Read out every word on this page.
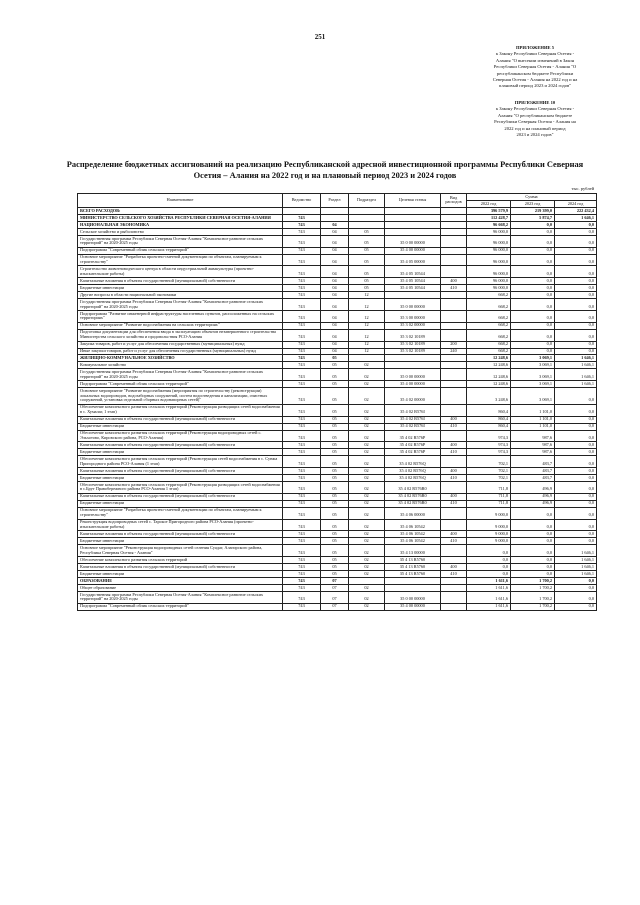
251
ПРИЛОЖЕНИЕ 5
к Закону Республики Северная Осетия -
Алания "О внесении изменений в Закон
Республики Северная Осетия - Алания "О
республиканском бюджете Республики
Северная Осетия - Алания на 2022 год и на
плановый период 2023 и 2024 годов"
ПРИЛОЖЕНИЕ 10
к Закону Республики Северная Осетия -
Алания "О республиканском бюджете
Республики Северная Осетия - Алания на
2022 год и на плановый период
2023 и 2024 годов"
Распределение бюджетных ассигнований на реализацию Республиканской адресной инвестиционной программы Республики Северная Осетия – Алания на 2022 год и на плановый период 2023 и 2024 годов
тыс. рублей
Наименование	Ведомство	Раздел	Подраздел	Целевая статья	Вид расходов	Сумма		
						2022 год	2023 год	2024 год
ВСЕГО РАСХОДОВ:						396 579,9	219 399,0	222 432,4
МИНИСТЕРСТВО СЕЛЬСКОГО ХОЗЯЙСТВА РЕСПУБЛИКИ СЕВЕРНАЯ ОСЕТИЯ-АЛАНИЯ	743					112 428,7	5 874,7	1 646,1
НАЦИОНАЛЬНАЯ ЭКОНОМИКА	743	04				96 668,2	0,0	0,0
Сельское хозяйство и рыболовство	743	04	05			96 000,0	0,0	0,0
Государственная программа Республики Северная Осетия-Алания "Комплексное развитие сельских территорий" на 2020-2025 годы	743	04	05	35 0 00 00000		96 000,0	0,0	0,0
Подпрограмма "Современный облик сельских территорий"	743	04	05	35 4 00 00000		96 000,0	0,0	0,0
Основное мероприятие "Разработка проектно-сметной документации по объектам, планируемым к строительству"	743	04	05	35 4 05 00000		96 000,0	0,0	0,0
Строительство животноводческого центра в области индустриальной аквакультуры (проектно-изыскательские работы)	743	04	05	35 4 05 10544		96 000,0	0,0	0,0
Капитальные вложения в объекты государственной (муниципальной) собственности	743	04	05	35 4 05 10544	400	96 000,0	0,0	0,0
Бюджетные инвестиции	743	04	05	35 4 05 10544	410	96 000,0	0,0	0,0
Другие вопросы в области национальной экономики	743	04	12			668,2	0,0	0,0
Государственная программа Республики Северная Осетия-Алания "Комплексное развитие сельских территорий" на 2020-2025 годы	743	04	12	35 0 00 00000		668,2	0,0	0,0
Подпрограмма "Развитие инженерной инфраструктуры населенных пунктов, расположенных на сельских территориях"	743	04	12	35 3 00 00000		668,2	0,0	0,0
Основное мероприятие "Развитие водоснабжения на сельских территориях"	743	04	12	35 3 02 00000		668,2	0,0	0,0
Подготовка документации для обеспечения ввода в эксплуатацию объектов незавершенного строительства Министерства сельского хозяйства и продовольствия РСО-Алания	743	04	12	35 3 02 10189		668,2	0,0	0,0
Закупка товаров, работ и услуг для обеспечения государственных (муниципальных) нужд	743	04	12	35 3 02 10189	200	668,2	0,0	0,0
Иные закупки товаров, работ и услуг для обеспечения государственных (муниципальных) нужд	743	04	12	35 3 02 10189	240	668,2	0,0	0,0
ЖИЛИЩНО-КОММУНАЛЬНОЕ ХОЗЯЙСТВО	743	05				12 248,6	3 069,1	1 646,1
Коммунальное хозяйство	743	05	02			12 248,6	3 069,1	1 646,1
Государственная программа Республики Северная Осетия-Алания "Комплексное развитие сельских территорий" на 2020-2025 годы	743	05	02	35 0 00 00000		12 248,6	3 069,1	1 646,1
Подпрограмма "Современный облик сельских территорий"	743	05	02	35 4 00 00000		12 248,6	3 069,1	1 646,1
Основное мероприятие "Развитие водоснабжения (мероприятия по строительству (реконструкции) локальных водопроводов, водозаборных сооружений, систем водоотведения и канализации, очистных сооружений, установка отдельной сборных водонапорных сетей)"	743	05	02	35 4 02 00000		3 248,6	3 069,1	0,0
Обеспечение комплексного развития сельских территорий (Реконструкция разводящих сетей водоснабжения в с. Хумалаг, 1 этап)	743	05	02	35 4 02 R576I		860,4	1 101,0	0,0
Капитальные вложения в объекты государственной (муниципальной) собственности	743	05	02	35 4 02 R576I	400	860,4	1 101,0	0,0
Бюджетные инвестиции	743	05	02	35 4 02 R576I	410	860,4	1 101,0	0,0
Обеспечение комплексного развития сельских территорий (Реконструкция водопроводных сетей с. Эльхотово, Кировского района, РСО-Алания)	743	05	02	35 4 02 R576P		974,3	987,6	0,0
Капитальные вложения в объекты государственной (муниципальной) собственности	743	05	02	35 4 02 R576P	400	974,3	987,6	0,0
Бюджетные инвестиции	743	05	02	35 4 02 R576P	410	974,3	987,6	0,0
Обеспечение комплексного развития сельских территорий (Реконструкция сетей водоснабжения в с. Сунжа Пригородного района РСО-Алания (1 этап)	743	05	02	35 4 02 R576Q		702,1	483,7	0,0
Капитальные вложения в объекты государственной (муниципальной) собственности	743	05	02	35 4 02 R576Q	400	702,1	483,7	0,0
Бюджетные инвестиции	743	05	02	35 4 02 R576Q	410	702,1	483,7	0,0
Обеспечение комплексного развития сельских территорий (Реконструкция разводящих сетей водоснабжения в с.Брут Правобережного района РСО-Алания 1 этап)	743	05	02	35 4 02 R576R0		711,8	496,9	0,0
Капитальные вложения в объекты государственной (муниципальной) собственности	743	05	02	35 4 02 R576R0	400	711,8	496,9	0,0
Бюджетные инвестиции	743	05	02	35 4 02 R576R0	410	711,8	496,9	0,0
Основное мероприятие "Разработка проектно-сметной документации по объектам, планируемым к строительству"	743	05	02	35 4 06 00000		9 000,0	0,0	0,0
Реконструкция водопроводных сетей с. Тарское Пригородного района РСО-Алания (проектно-изыскательские работы)	743	05	02	35 4 06 10542		9 000,0	0,0	0,0
Капитальные вложения в объекты государственной (муниципальной) собственности	743	05	02	35 4 06 10542	400	9 000,0	0,0	0,0
Бюджетные инвестиции	743	05	02	35 4 06 10542	410	9 000,0	0,0	0,0
Основное мероприятие "Реконструкция водопроводных сетей селения Суадаг, Алагирского района, Республика Северная Осетия - Алания"	743	05	02	35 4 13 00000		0,0	0,0	1 646,1
Обеспечение комплексного развития сельских территорий	743	05	02	35 4 13 R5760		0,0	0,0	1 646,1
Капитальные вложения в объекты государственной (муниципальной) собственности	743	05	02	35 4 13 R5760	400	0,0	0,0	1 646,1
Бюджетные инвестиции	743	05	02	35 4 13 R5760	410	0,0	0,0	1 646,1
ОБРАЗОВАНИЕ	743	07				1 611,6	1 700,2	0,0
Общее образование	743	07	02			1 611,6	1 700,2	0,0
Государственная программа Республики Северная Осетия-Алания "Комплексное развитие сельских территорий" на 2020-2025 годы	743	07	02	35 0 00 00000		1 611,6	1 700,2	0,0
Подпрограмма "Современный облик сельских территорий"	743	07	02	35 4 00 00000		1 611,6	1 700,2	0,0
